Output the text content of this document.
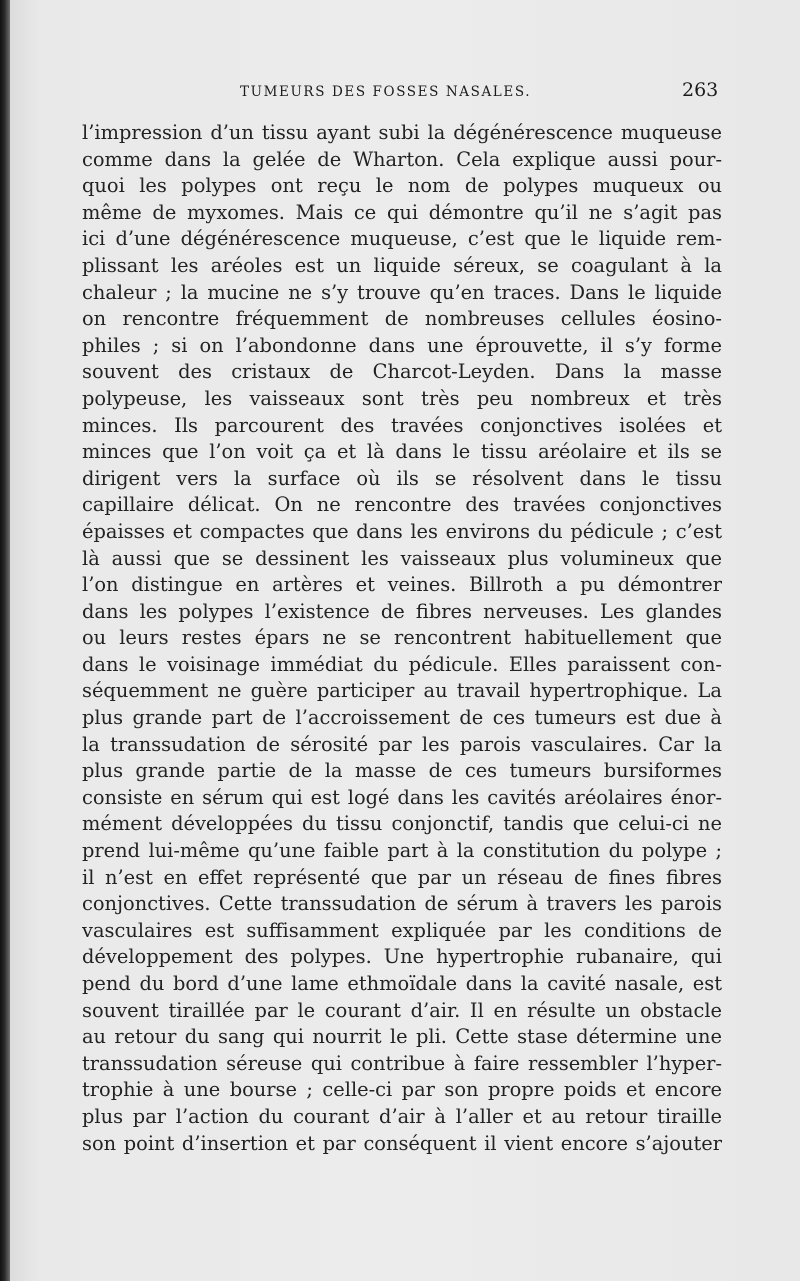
TUMEURS DES FOSSES NASALES.	263
l’impression d’un tissu ayant subi la dégénérescence muqueuse
comme dans la gelée de Wharton. Cela explique aussi pour-
quoi les polypes ont reçu le nom de polypes muqueux ou
même de myxomes. Mais ce qui démontre qu’il ne s’agit pas
ici d’une dégénérescence muqueuse, c’est que le liquide rem-
plissant les aréoles est un liquide séreux, se coagulant à la
chaleur ; la mucine ne s’y trouve qu’en traces. Dans le liquide
on rencontre fréquemment de nombreuses cellules éosino-
philes ; si on l’abondonne dans une éprouvette, il s’y forme
souvent des cristaux de Charcot-Leyden. Dans la masse
polypeuse, les vaisseaux sont très peu nombreux et très
minces. Ils parcourent des travées conjonctives isolées et
minces que l’on voit ça et là dans le tissu aréolaire et ils se
dirigent vers la surface où ils se résolvent dans le tissu
capillaire délicat. On ne rencontre des travées conjonctives
épaisses et compactes que dans les environs du pédicule ; c’est
là aussi que se dessinent les vaisseaux plus volumineux que
l’on distingue en artères et veines. Billroth a pu démontrer
dans les polypes l’existence de fibres nerveuses. Les glandes
ou leurs restes épars ne se rencontrent habituellement que
dans le voisinage immédiat du pédicule. Elles paraissent con-
séquemment ne guère participer au travail hypertrophique. La
plus grande part de l’accroissement de ces tumeurs est due à
la transsudation de sérosité par les parois vasculaires. Car la
plus grande partie de la masse de ces tumeurs bursiformes
consiste en sérum qui est logé dans les cavités aréolaires énor-
mément développées du tissu conjonctif, tandis que celui-ci ne
prend lui-même qu’une faible part à la constitution du polype ;
il n’est en effet représenté que par un réseau de fines fibres
conjonctives. Cette transsudation de sérum à travers les parois
vasculaires est suffisamment expliquée par les conditions de
développement des polypes. Une hypertrophie rubanaire, qui
pend du bord d’une lame ethmoïdale dans la cavité nasale, est
souvent tiraillée par le courant d’air. Il en résulte un obstacle
au retour du sang qui nourrit le pli. Cette stase détermine une
transsudation séreuse qui contribue à faire ressembler l’hyper-
trophie à une bourse ; celle-ci par son propre poids et encore
plus par l’action du courant d’air à l’aller et au retour tiraille
son point d’insertion et par conséquent il vient encore s’ajouter
